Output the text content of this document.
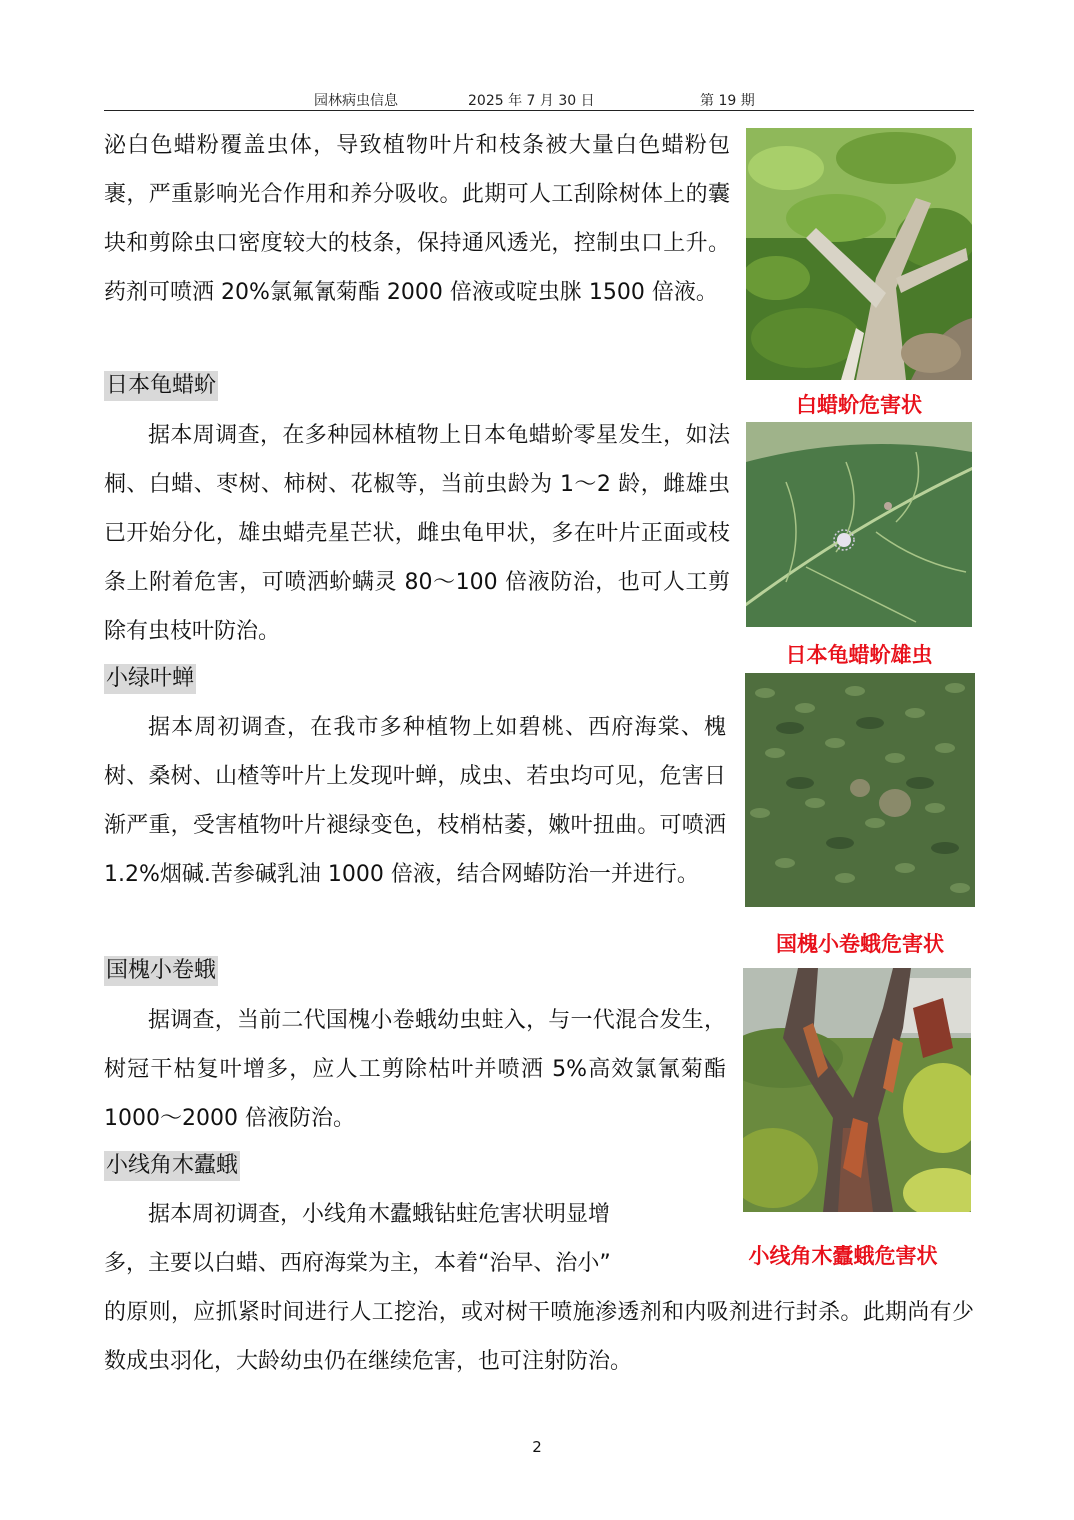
园林病虫信息	2025 年 7 月 30 日	第 19 期

泌白色蜡粉覆盖虫体，导致植物叶片和枝条被大量白色蜡粉包裹，严重影响光合作用和养分吸收。此期可人工刮除树体上的囊块和剪除虫口密度较大的枝条，保持通风透光，控制虫口上升。药剂可喷洒 20%氯氟氰菊酯 2000 倍液或啶虫脒 1500 倍液。

日本龟蜡蚧

据本周调查，在多种园林植物上日本龟蜡蚧零星发生，如法桐、白蜡、枣树、柿树、花椒等，当前虫龄为 1～2 龄，雌雄虫已开始分化，雄虫蜡壳星芒状，雌虫龟甲状，多在叶片正面或枝条上附着危害，可喷洒蚧螨灵 80～100 倍液防治，也可人工剪除有虫枝叶防治。

小绿叶蝉

据本周初调查，在我市多种植物上如碧桃、西府海棠、槐树、桑树、山楂等叶片上发现叶蝉，成虫、若虫均可见，危害日渐严重，受害植物叶片褪绿变色，枝梢枯萎，嫩叶扭曲。可喷洒 1.2%烟碱.苦参碱乳油 1000 倍液，结合网蝽防治一并进行。

国槐小卷蛾

据调查，当前二代国槐小卷蛾幼虫蛀入，与一代混合发生，树冠干枯复叶增多，应人工剪除枯叶并喷洒 5%高效氯氰菊酯 1000～2000 倍液防治。

小线角木蠹蛾

据本周初调查，小线角木蠹蛾钻蛀危害状明显增

多，主要以白蜡、西府海棠为主，本着“治早、治小”

的原则，应抓紧时间进行人工挖治，或对树干喷施渗透剂和内吸剂进行封杀。此期尚有少数成虫羽化，大龄幼虫仍在继续危害，也可注射防治。

白蜡蚧危害状
日本龟蜡蚧雄虫
国槐小卷蛾危害状
小线角木蠹蛾危害状
2
